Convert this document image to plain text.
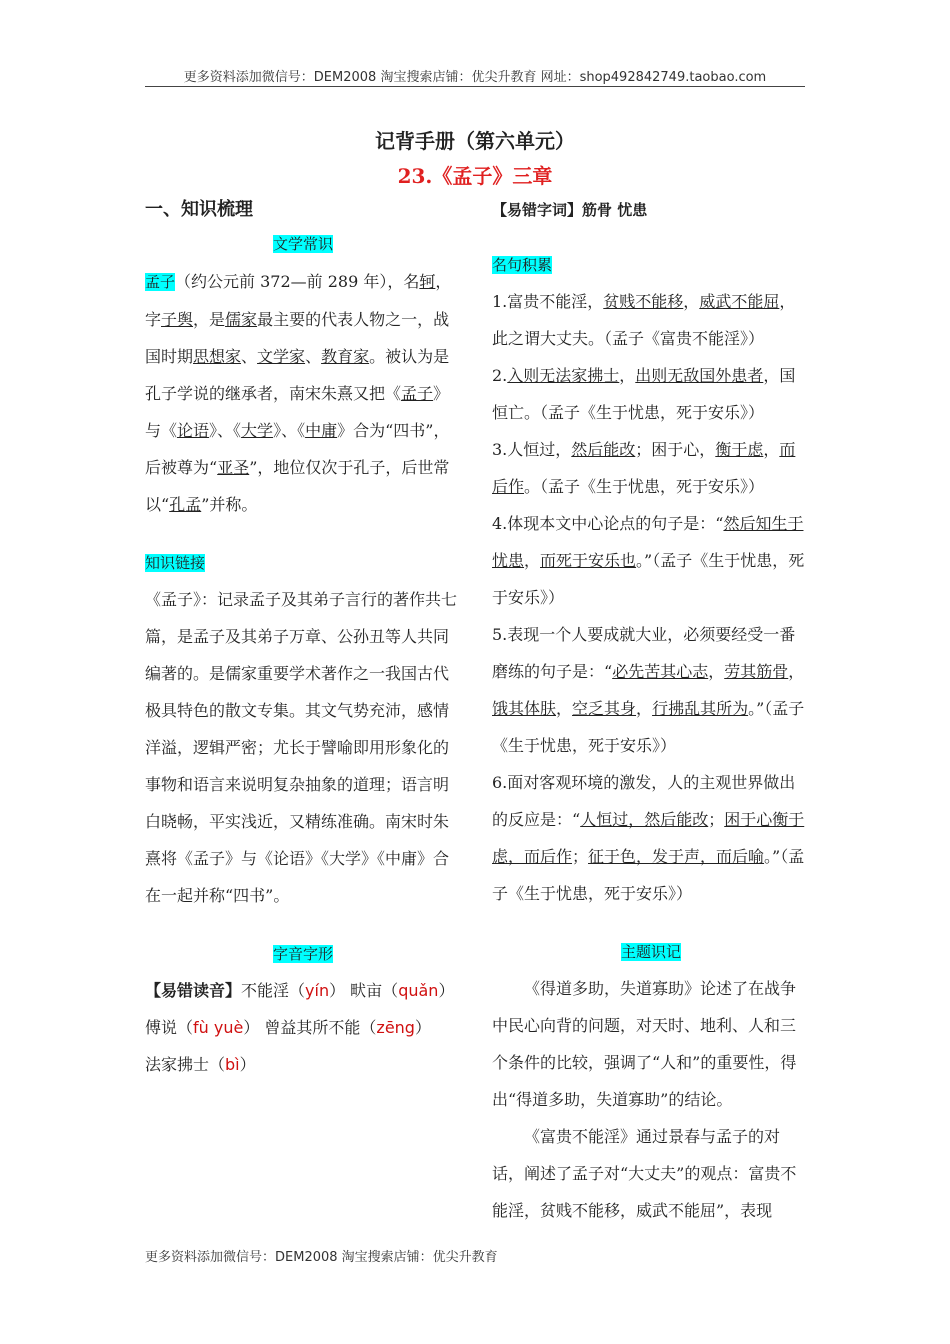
更多资料添加微信号：DEM2008 淘宝搜索店铺：优尖升教育 网址：shop492842749.taobao.com
记背手册（第六单元）
23.《孟子》三章

一、知识梳理

文学常识

孟子（约公元前 372—前 289 年），名轲，字子舆，是儒家最主要的代表人物之一，战国时期思想家、文学家、教育家。被认为是孔子学说的继承者，南宋朱熹又把《孟子》与《论语》、《大学》、《中庸》合为“四书”，后被尊为“亚圣”，地位仅次于孔子，后世常以“孔孟”并称。

知识链接

《孟子》：记录孟子及其弟子言行的著作共七篇，是孟子及其弟子万章、公孙丑等人共同编著的。是儒家重要学术著作之一我国古代极具特色的散文专集。其文气势充沛，感情洋溢，逻辑严密；尤长于譬喻即用形象化的事物和语言来说明复杂抽象的道理；语言明白晓畅，平实浅近，又精练准确。南宋时朱熹将《孟子》与《论语》《大学》《中庸》合在一起并称“四书”。

字音字形

【易错读音】不能淫（yín） 畎亩（quǎn） 傅说（fù yuè） 曾益其所不能（zēng）
法家拂士（bì）

【易错字词】筋骨 忧患

名句积累

1.富贵不能淫，贫贱不能移，威武不能屈，此之谓大丈夫。（孟子《富贵不能淫》）

2.入则无法家拂士，出则无敌国外患者，国恒亡。（孟子《生于忧患，死于安乐》）

3.人恒过，然后能改；困于心，衡于虑，而后作。（孟子《生于忧患，死于安乐》）

4.体现本文中心论点的句子是：“然后知生于忧患，而死于安乐也。”（孟子《生于忧患，死于安乐》）

5.表现一个人要成就大业，必须要经受一番磨练的句子是：“必先苦其心志，劳其筋骨，饿其体肤，空乏其身，行拂乱其所为。”（孟子《生于忧患，死于安乐》）

6.面对客观环境的激发，人的主观世界做出的反应是：“人恒过，然后能改；困于心衡于虑，而后作；征于色，发于声，而后喻。”（孟子《生于忧患，死于安乐》）

主题识记

《得道多助，失道寡助》论述了在战争中民心向背的问题，对天时、地利、人和三个条件的比较，强调了“人和”的重要性，得出“得道多助，失道寡助”的结论。

《富贵不能淫》通过景春与孟子的对话，阐述了孟子对“大丈夫”的观点：富贵不能淫，贫贱不能移，威武不能屈”，表现

更多资料添加微信号：DEM2008 淘宝搜索店铺：优尖升教育
